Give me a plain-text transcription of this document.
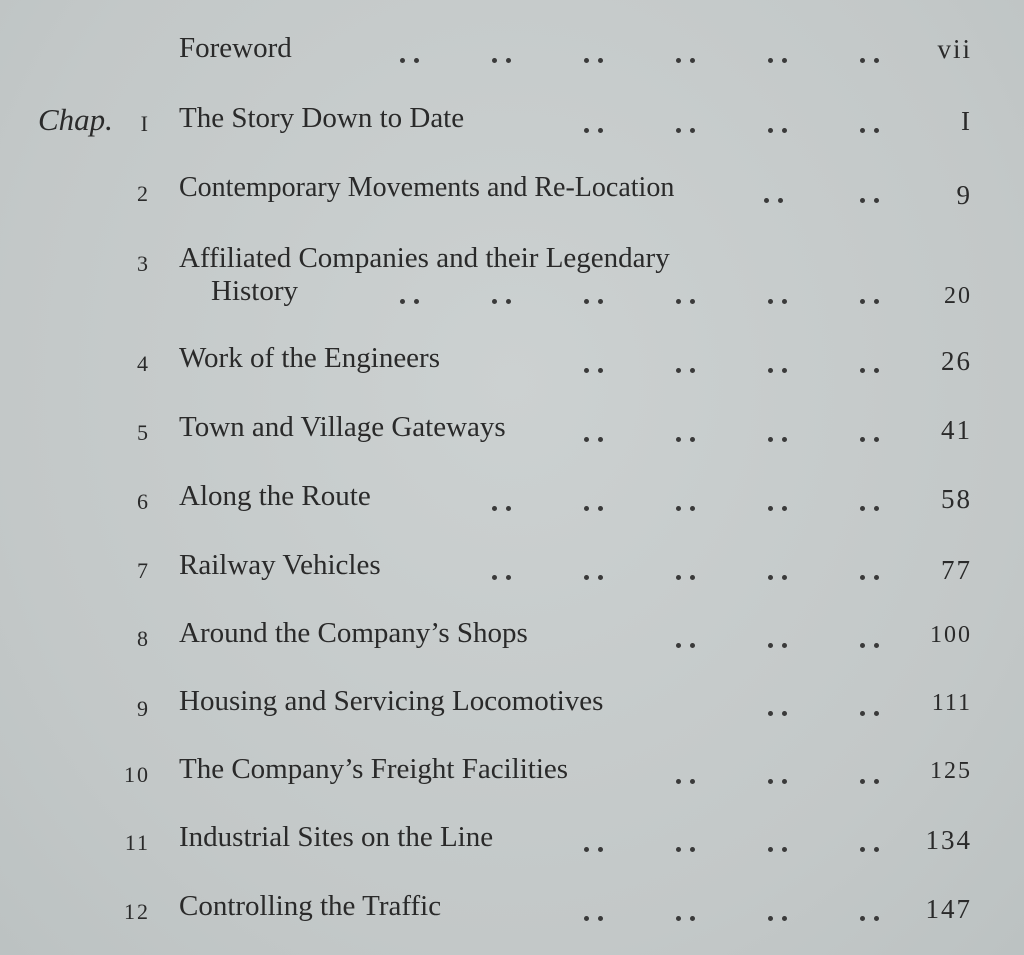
Foreword	vii
Chap. I The Story Down to Date	I
2 Contemporary Movements and Re-Location	9
3 Affiliated Companies and their Legendary
History	20
4 Work of the Engineers	26
5 Town and Village Gateways	41
6 Along the Route	58
7 Railway Vehicles	77
8 Around the Company’s Shops	100
9 Housing and Servicing Locomotives	111
10 The Company’s Freight Facilities	125
11 Industrial Sites on the Line	134
12 Controlling the Traffic	147
